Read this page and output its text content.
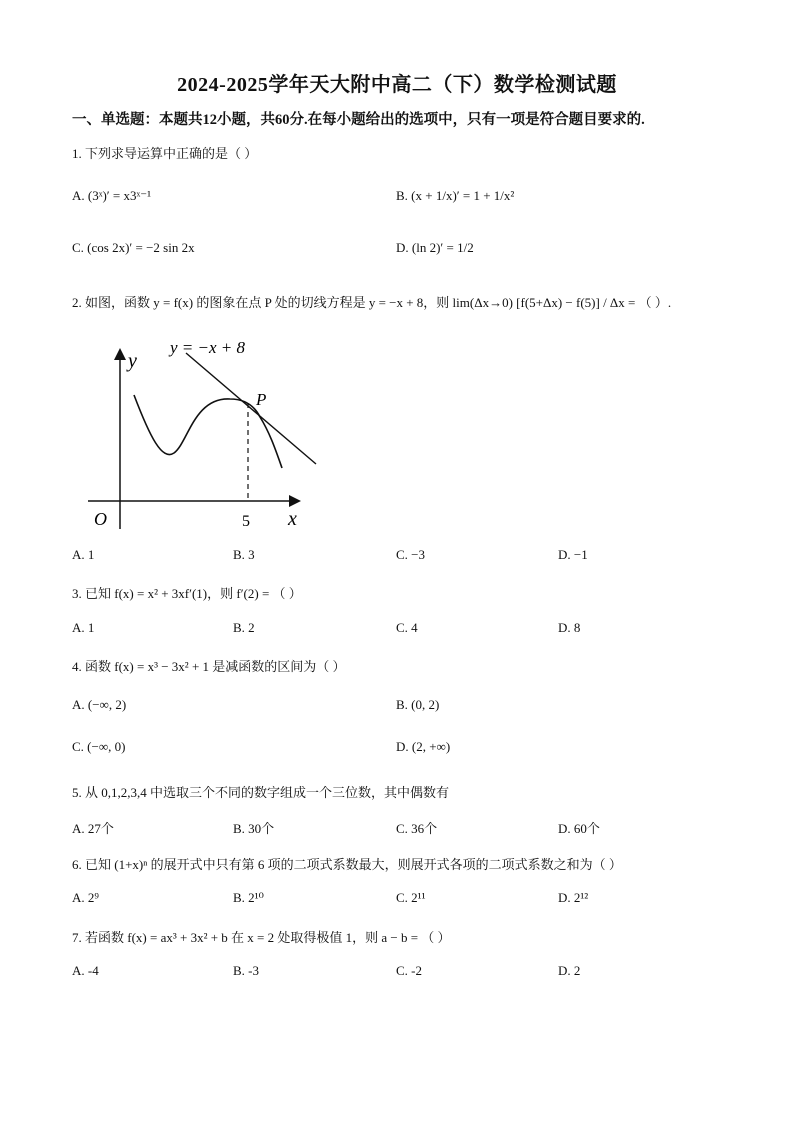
2024-2025学年天大附中高二（下）数学检测试题
一、单选题：本题共12小题，共60分.在每小题给出的选项中，只有一项是符合题目要求的.
1. 下列求导运算中正确的是（ ）
A. (3ˣ)′ = x3ˣ⁻¹	B. (x + 1/x)′ = 1 + 1/x²
C. (cos 2x)′ = −2 sin 2x	D. (ln 2)′ = 1/2
2. 如图，函数 y = f(x) 的图象在点 P 处的切线方程是 y = −x + 8，则 lim(Δx→0) [f(5+Δx) − f(5)] / Δx = （ ）.
y = −x + 8
y
x
O
P
5
A. 1	B. 3	C. −3	D. −1
3. 已知 f(x) = x² + 3xf′(1)，则 f′(2) = （ ）
A. 1	B. 2	C. 4	D. 8
4. 函数 f(x) = x³ − 3x² + 1 是减函数的区间为（ ）
A. (−∞, 2)	B. (0, 2)
C. (−∞, 0)	D. (2, +∞)
5. 从 0,1,2,3,4 中选取三个不同的数字组成一个三位数，其中偶数有
A. 27个	B. 30个	C. 36个	D. 60个
6. 已知 (1+x)ⁿ 的展开式中只有第 6 项的二项式系数最大，则展开式各项的二项式系数之和为（ ）
A. 2⁹	B. 2¹⁰	C. 2¹¹	D. 2¹²
7. 若函数 f(x) = ax³ + 3x² + b 在 x = 2 处取得极值 1，则 a − b = （ ）
A. -4	B. -3	C. -2	D. 2
